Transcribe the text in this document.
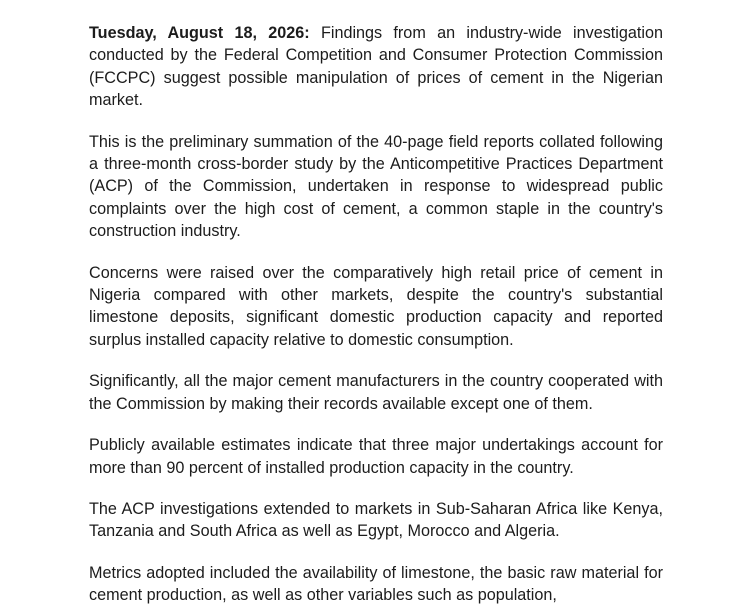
Tuesday, August 18, 2026: Findings from an industry-wide investigation conducted by the Federal Competition and Consumer Protection Commission (FCCPC) suggest possible manipulation of prices of cement in the Nigerian market.

This is the preliminary summation of the 40-page field reports collated following a three-month cross-border study by the Anticompetitive Practices Department (ACP) of the Commission, undertaken in response to widespread public complaints over the high cost of cement, a common staple in the country's construction industry.

Concerns were raised over the comparatively high retail price of cement in Nigeria compared with other markets, despite the country's substantial limestone deposits, significant domestic production capacity and reported surplus installed capacity relative to domestic consumption.

Significantly, all the major cement manufacturers in the country cooperated with the Commission by making their records available except one of them.

Publicly available estimates indicate that three major undertakings account for more than 90 percent of installed production capacity in the country.

The ACP investigations extended to markets in Sub-Saharan Africa like Kenya, Tanzania and South Africa as well as Egypt, Morocco and Algeria.

Metrics adopted included the availability of limestone, the basic raw material for cement production, as well as other variables such as population,
